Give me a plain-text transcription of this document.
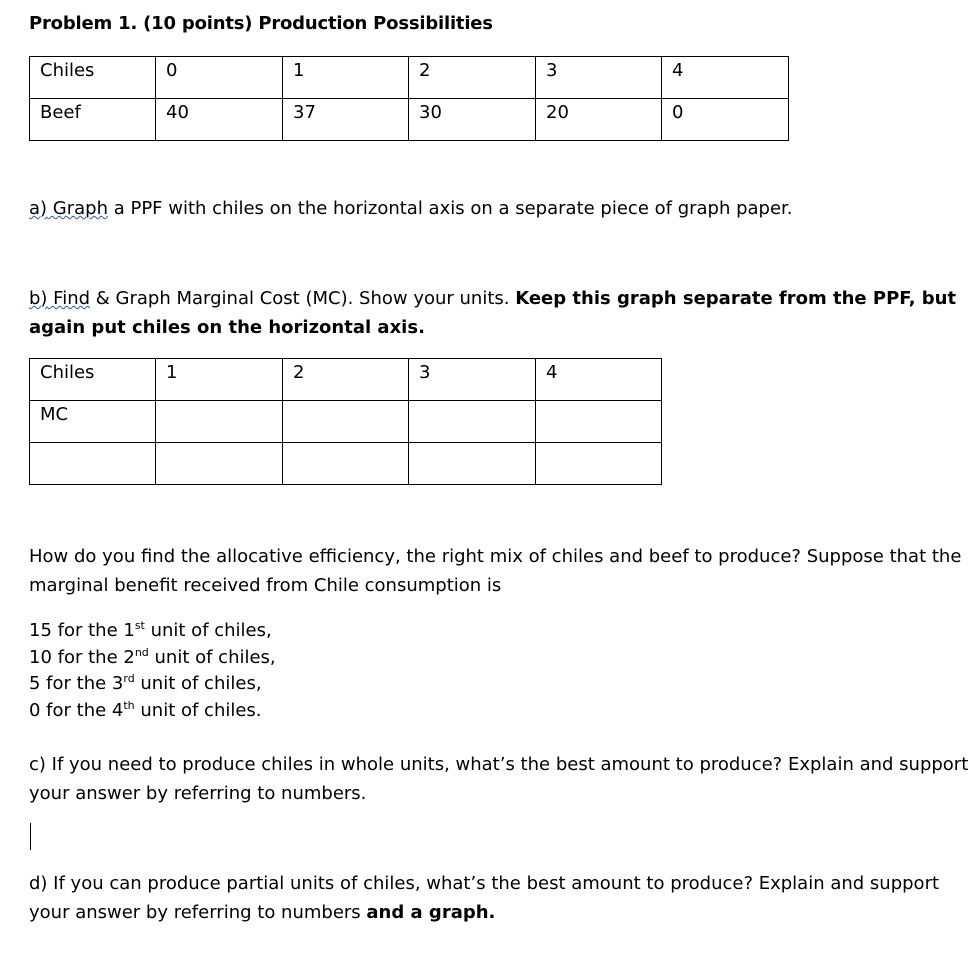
Problem 1. (10 points) Production Possibilities
Chiles	0	1	2	3	4
Beef	40	37	30	20	0
a) Graph a PPF with chiles on the horizontal axis on a separate piece of graph paper.
b) Find & Graph Marginal Cost (MC). Show your units. Keep this graph separate from the PPF, but
again put chiles on the horizontal axis.
Chiles	1	2	3	4
MC				

How do you find the allocative efficiency, the right mix of chiles and beef to produce? Suppose that the
marginal benefit received from Chile consumption is
15 for the 1st unit of chiles,
10 for the 2nd unit of chiles,
5 for the 3rd unit of chiles,
0 for the 4th unit of chiles.
c) If you need to produce chiles in whole units, what’s the best amount to produce? Explain and support
your answer by referring to numbers.
d) If you can produce partial units of chiles, what’s the best amount to produce? Explain and support
your answer by referring to numbers and a graph.
